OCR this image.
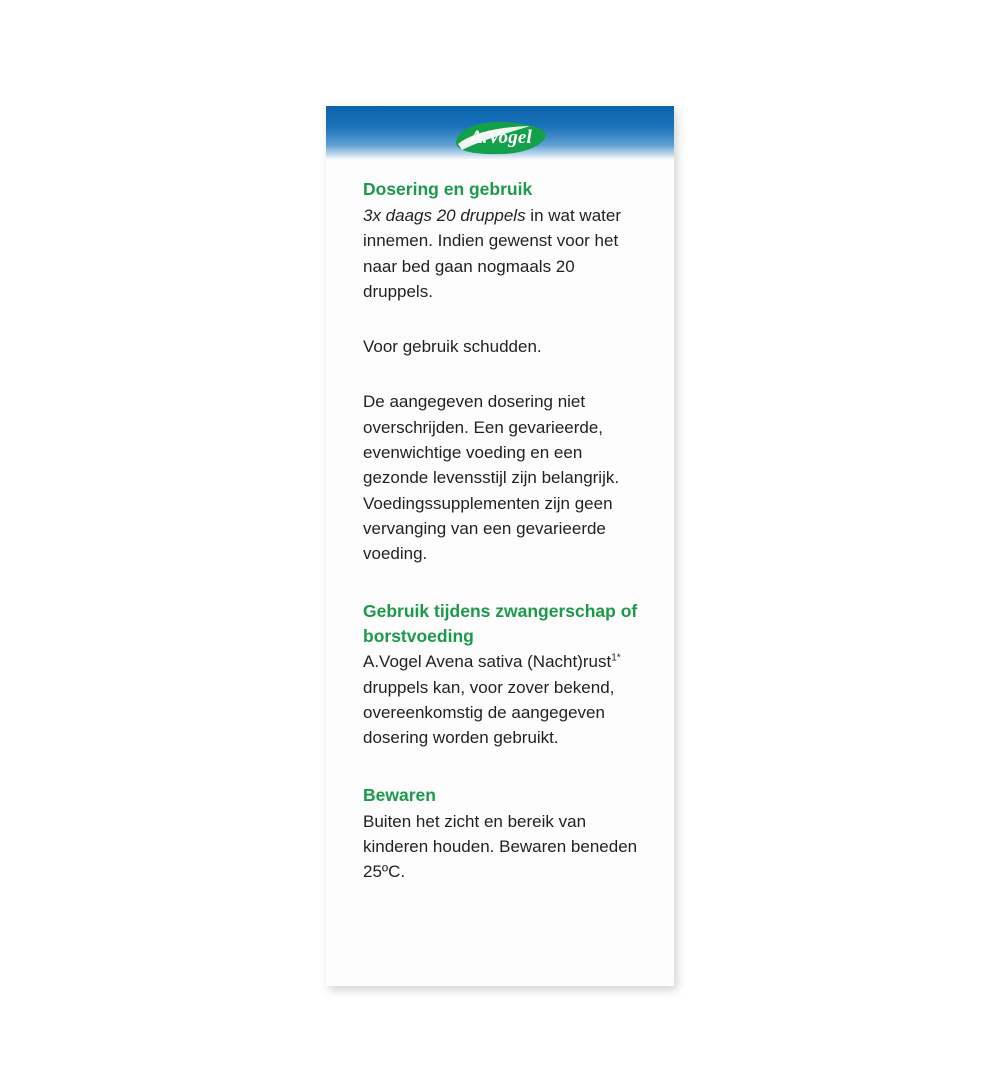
A.Vogel
Dosering en gebruik

3x daags 20 druppels in wat water innemen. Indien gewenst voor het naar bed gaan nogmaals 20 druppels.

Voor gebruik schudden.

De aangegeven dosering niet overschrijden. Een gevarieerde, evenwichtige voeding en een gezonde levensstijl zijn belangrijk. Voedingssupplementen zijn geen vervanging van een gevarieerde voeding.

Gebruik tijdens zwangerschap of borstvoeding

A.Vogel Avena sativa (Nacht)rust$^{1*}$ druppels kan, voor zover bekend, overeenkomstig de aangegeven dosering worden gebruikt.

Bewaren

Buiten het zicht en bereik van kinderen houden. Bewaren beneden 25ºC.
